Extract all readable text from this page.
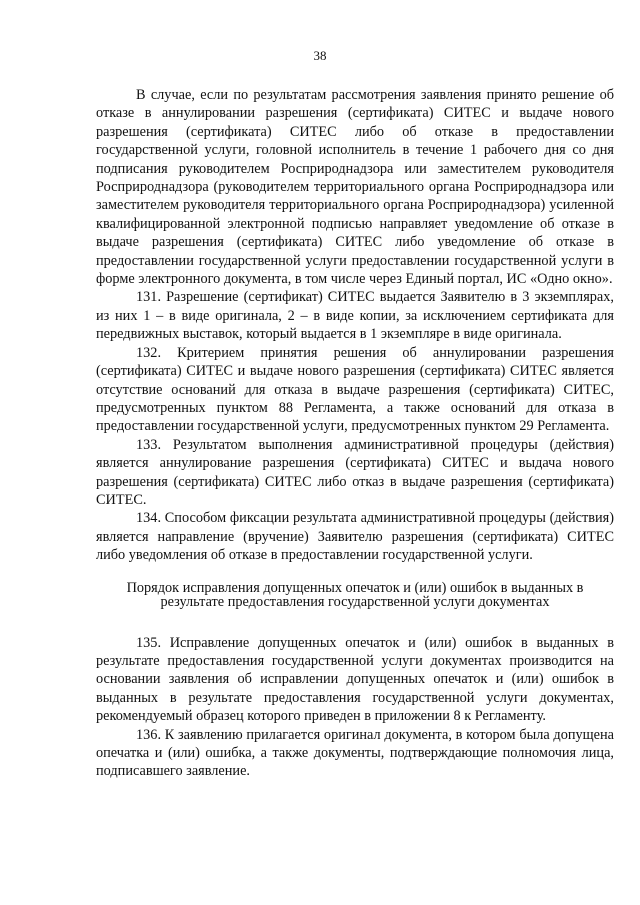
38

В случае, если по результатам рассмотрения заявления принято решение об отказе в аннулировании разрешения (сертификата) СИТЕС и выдаче нового разрешения (сертификата) СИТЕС либо об отказе в предоставлении государственной услуги, головной исполнитель в течение 1 рабочего дня со дня подписания руководителем Росприроднадзора или заместителем руководителя Росприроднадзора (руководителем территориального органа Росприроднадзора или заместителем руководителя территориального органа Росприроднадзора) усиленной квалифицированной электронной подписью направляет уведомление об отказе в выдаче разрешения (сертификата) СИТЕС либо уведомление об отказе в предоставлении государственной услуги предоставлении государственной услуги в форме электронного документа, в том числе через Единый портал, ИС «Одно окно».

131. Разрешение (сертификат) СИТЕС выдается Заявителю в 3 экземплярах, из них 1 – в виде оригинала, 2 – в виде копии, за исключением сертификата для передвижных выставок, который выдается в 1 экземпляре в виде оригинала.

132. Критерием принятия решения об аннулировании разрешения (сертификата) СИТЕС и выдаче нового разрешения (сертификата) СИТЕС является отсутствие оснований для отказа в выдаче разрешения (сертификата) СИТЕС, предусмотренных пунктом 88 Регламента, а также оснований для отказа в предоставлении государственной услуги, предусмотренных пунктом 29 Регламента.

133. Результатом выполнения административной процедуры (действия) является аннулирование разрешения (сертификата) СИТЕС и выдача нового разрешения (сертификата) СИТЕС либо отказ в выдаче разрешения (сертификата) СИТЕС.

134. Способом фиксации результата административной процедуры (действия) является направление (вручение) Заявителю разрешения (сертификата) СИТЕС либо уведомления об отказе в предоставлении государственной услуги.

Порядок исправления допущенных опечаток и (или) ошибок в выданных в результате предоставления государственной услуги документах

135. Исправление допущенных опечаток и (или) ошибок в выданных в результате предоставления государственной услуги документах производится на основании заявления об исправлении допущенных опечаток и (или) ошибок в выданных в результате предоставления государственной услуги документах, рекомендуемый образец которого приведен в приложении 8 к Регламенту.

136. К заявлению прилагается оригинал документа, в котором была допущена опечатка и (или) ошибка, а также документы, подтверждающие полномочия лица, подписавшего заявление.
